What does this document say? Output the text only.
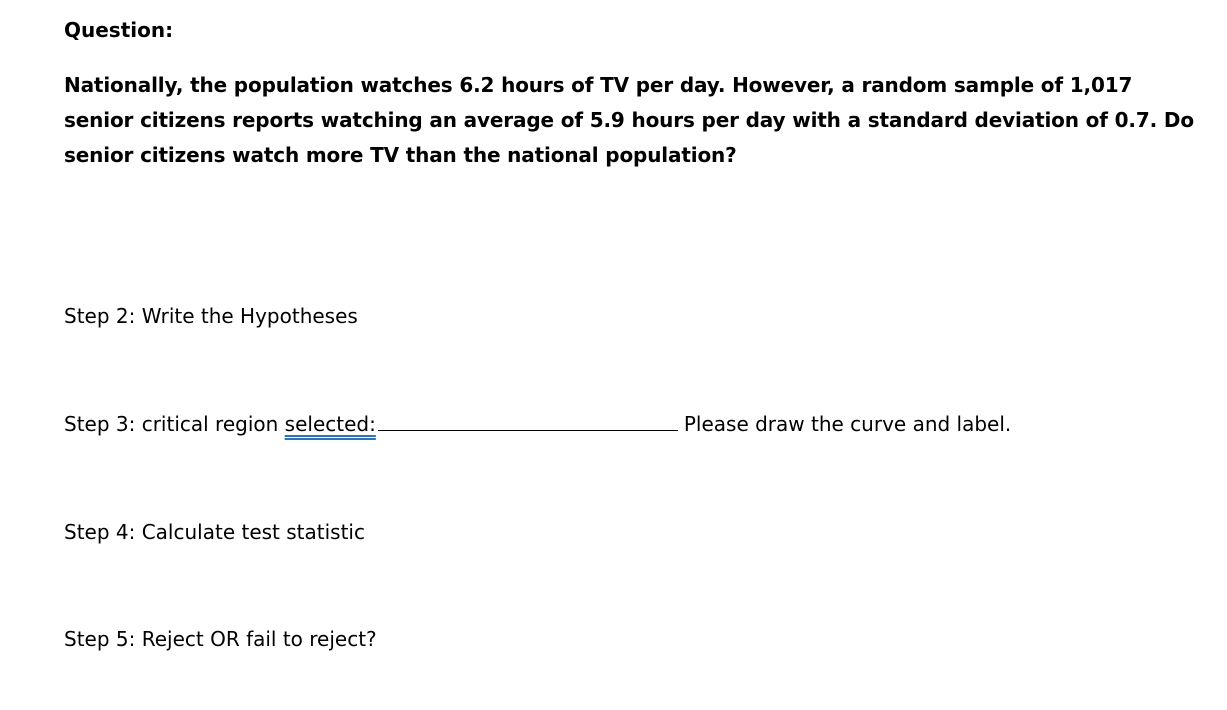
Question:
Nationally, the population watches 6.2 hours of TV per day. However, a random sample of 1,017 senior citizens reports watching an average of 5.9 hours per day with a standard deviation of 0.7. Do senior citizens watch more TV than the national population?
Step 2: Write the Hypotheses
Step 3: critical region selected:	Please draw the curve and label.
Step 4: Calculate test statistic
Step 5: Reject OR fail to reject?
